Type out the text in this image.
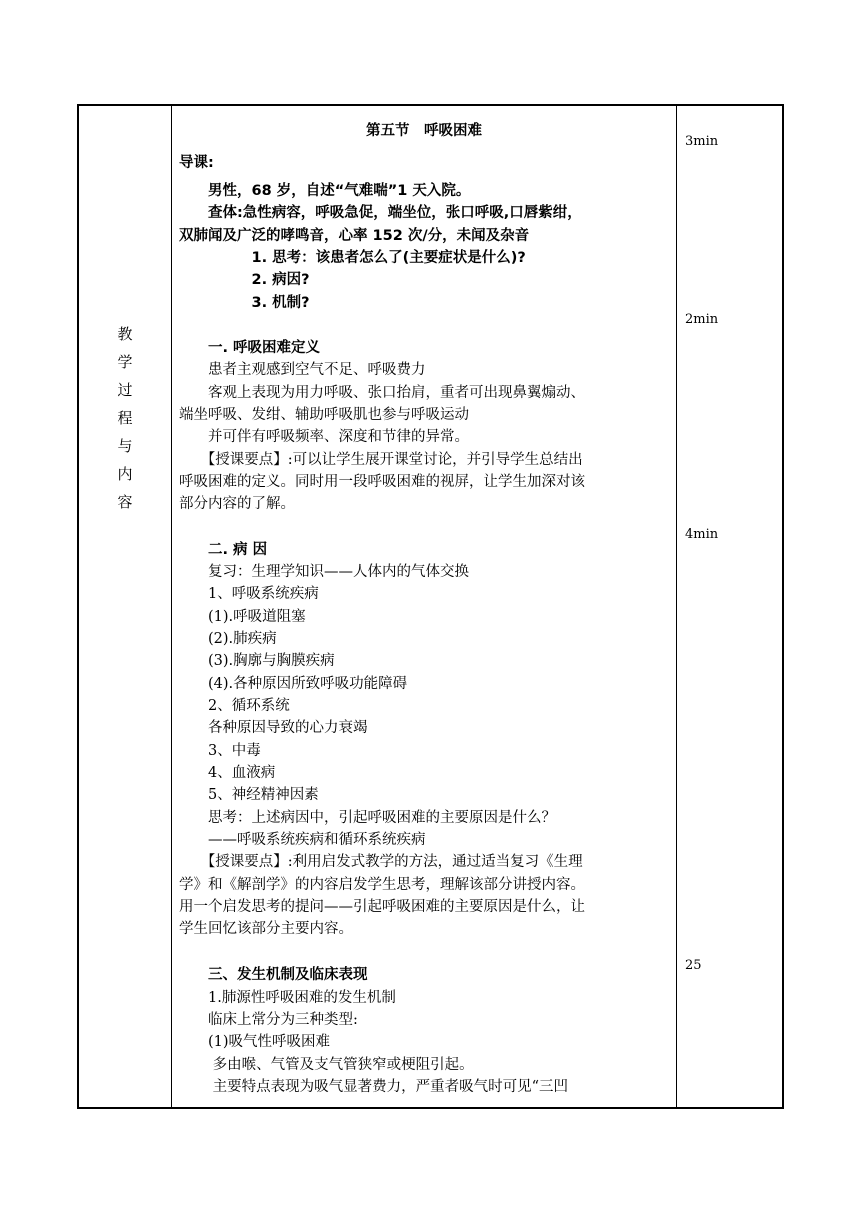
教
学
过
程
与
内
容
第五节　呼吸困难
导课:
　　男性，68 岁，自述“气难喘”1 天入院。
　　查体:急性病容，呼吸急促，端坐位，张口呼吸,口唇紫绀，
双肺闻及广泛的哮鸣音，心率 152 次/分，未闻及杂音
　　　　　1. 思考：该患者怎么了(主要症状是什么)?
　　　　　2. 病因?
　　　　　3. 机制?
　　一. 呼吸困难定义
　　患者主观感到空气不足、呼吸费力
　　客观上表现为用力呼吸、张口抬肩，重者可出现鼻翼煽动、
端坐呼吸、发绀、辅助呼吸肌也参与呼吸运动
　　并可伴有呼吸频率、深度和节律的异常。
　　【授课要点】:可以让学生展开课堂讨论，并引导学生总结出
呼吸困难的定义。同时用一段呼吸困难的视屏，让学生加深对该
部分内容的了解。
　　二. 病 因
　　复习：生理学知识——人体内的气体交换
　　1、呼吸系统疾病
　　(1).呼吸道阻塞
　　(2).肺疾病
　　(3).胸廓与胸膜疾病
　　(4).各种原因所致呼吸功能障碍
　　2、循环系统
　　各种原因导致的心力衰竭
　　3、中毒
　　4、血液病
　　5、神经精神因素
　　思考：上述病因中，引起呼吸困难的主要原因是什么？
　　——呼吸系统疾病和循环系统疾病
　　【授课要点】:利用启发式教学的方法，通过适当复习《生理
学》和《解剖学》的内容启发学生思考，理解该部分讲授内容。
用一个启发思考的提问——引起呼吸困难的主要原因是什么，让
学生回忆该部分主要内容。
　　三、发生机制及临床表现
　　1.肺源性呼吸困难的发生机制
　　临床上常分为三种类型:
　　(1)吸气性呼吸困难
　　 多由喉、气管及支气管狭窄或梗阻引起。
　　 主要特点表现为吸气显著费力，严重者吸气时可见“三凹
3min
2min
4min
25
